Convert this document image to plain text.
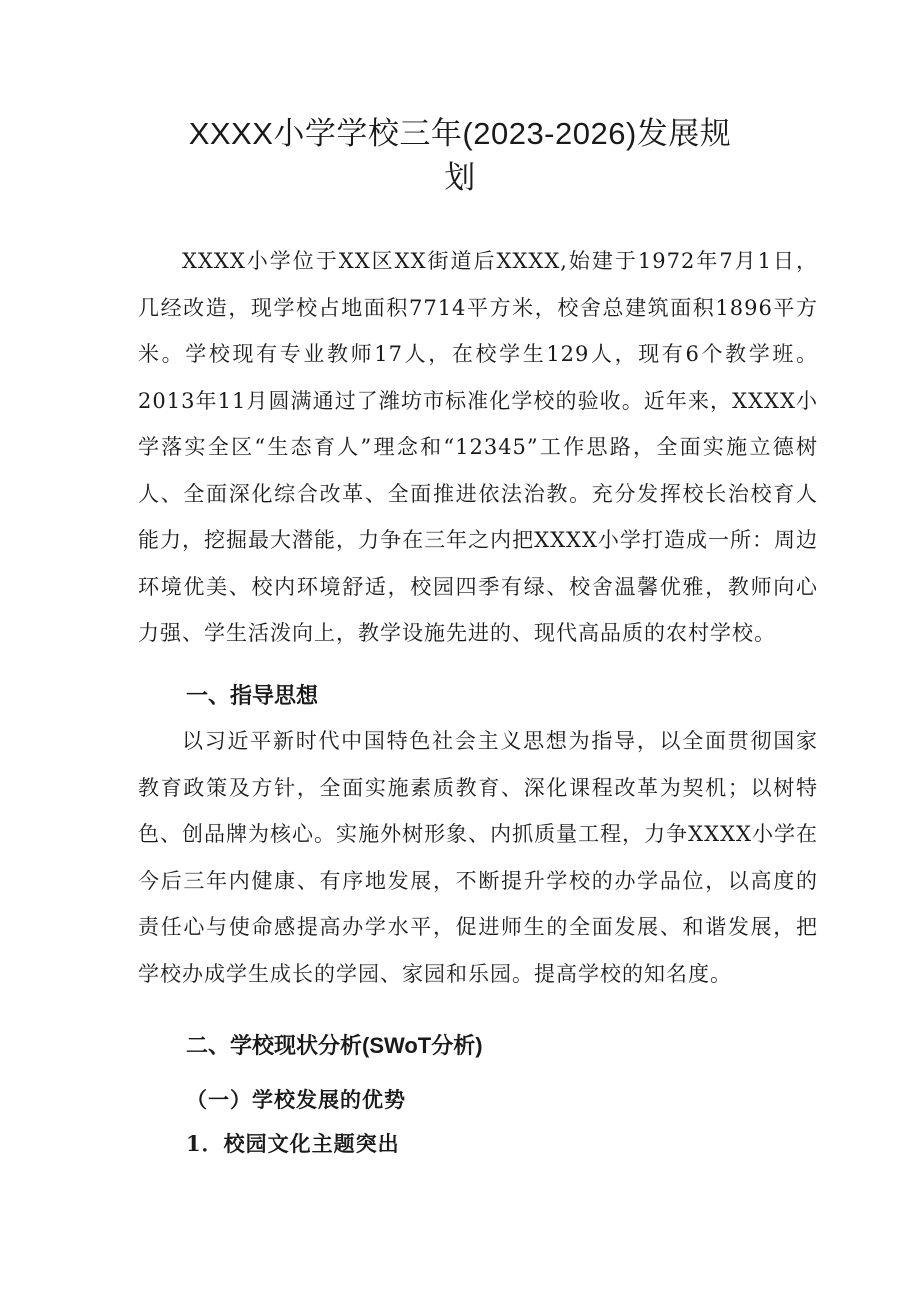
XXXX小学学校三年(2023-2026)发展规
划

XXXX小学位于XX区XX街道后XXXX,始建于1972年7月1日，几经改造，现学校占地面积7714平方米，校舍总建筑面积1896平方米。学校现有专业教师17人，在校学生129人，现有6个教学班。2013年11月圆满通过了潍坊市标准化学校的验收。近年来，XXXX小学落实全区“生态育人”理念和“12345”工作思路，全面实施立德树人、全面深化综合改革、全面推进依法治教。充分发挥校长治校育人能力，挖掘最大潜能，力争在三年之内把XXXX小学打造成一所：周边环境优美、校内环境舒适，校园四季有绿、校舍温馨优雅，教师向心力强、学生活泼向上，教学设施先进的、现代高品质的农村学校。

一、指导思想

以习近平新时代中国特色社会主义思想为指导，以全面贯彻国家教育政策及方针，全面实施素质教育、深化课程改革为契机；以树特色、创品牌为核心。实施外树形象、内抓质量工程，力争XXXX小学在今后三年内健康、有序地发展，不断提升学校的办学品位，以高度的责任心与使命感提高办学水平，促进师生的全面发展、和谐发展，把学校办成学生成长的学园、家园和乐园。提高学校的知名度。

二、学校现状分析(SWoT分析)
（一）学校发展的优势
1．校园文化主题突出
